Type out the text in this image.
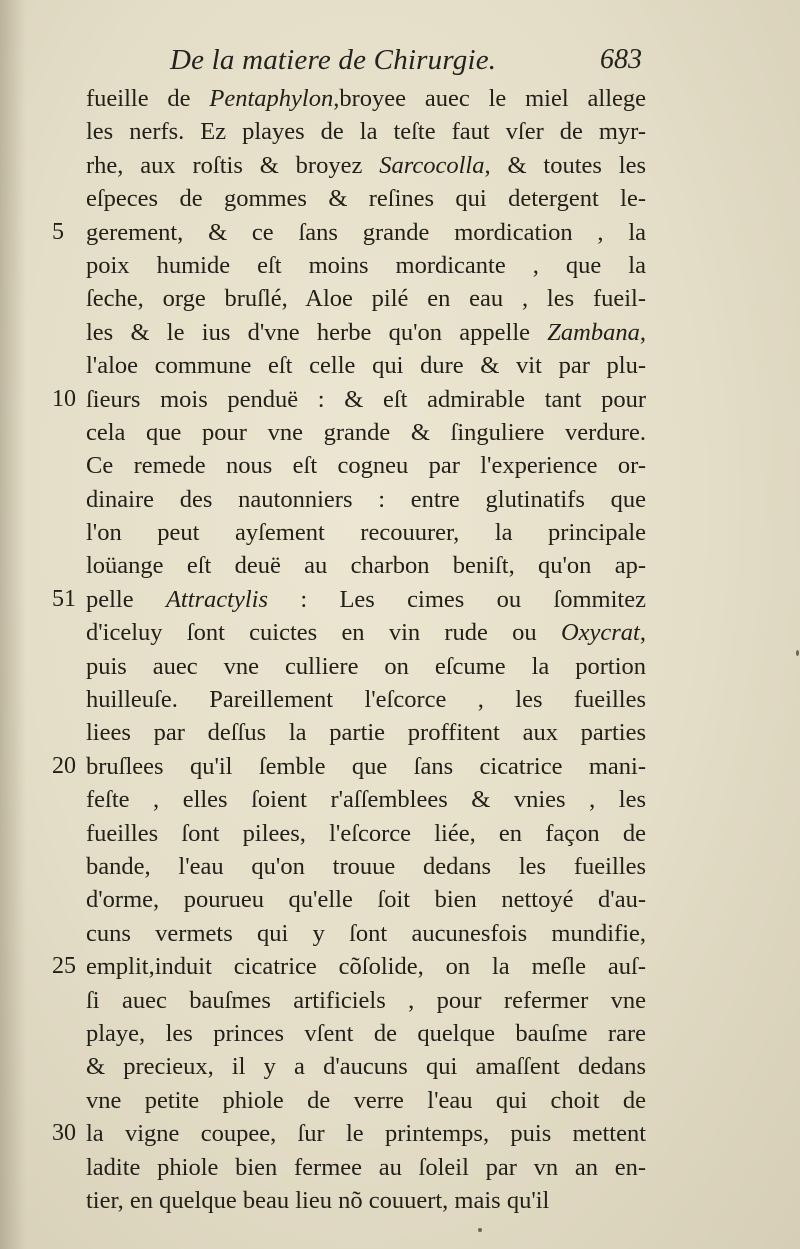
De la matiere de Chirurgie.	683
fueille de Pentaphylon,broyee auec le miel allege
les nerfs. Ez playes de la teſte faut vſer de myr-
rhe, aux roſtis & broyez Sarcocolla, & toutes les
eſpeces de gommes & reſines qui detergent le-
5 gerement, & ce ſans grande mordication , la
poix humide eſt moins mordicante , que la
ſeche, orge bruſlé, Aloe pilé en eau , les fueil-
les & le ius d'vne herbe qu'on appelle Zambana,
l'aloe commune eſt celle qui dure & vit par plu-
10 ſieurs mois penduë : & eſt admirable tant pour
cela que pour vne grande & ſinguliere verdure.
Ce remede nous eſt cogneu par l'experience or-
dinaire des nautonniers : entre glutinatifs que
l'on peut ayſement recouurer, la principale
loüange eſt deuë au charbon beniſt, qu'on ap-
51 pelle Attractylis : Les cimes ou ſommitez
d'iceluy ſont cuictes en vin rude ou Oxycrat,
puis auec vne culliere on eſcume la portion
huilleuſe. Pareillement l'eſcorce , les fueilles
liees par deſſus la partie proffitent aux parties
20 bruſlees qu'il ſemble que ſans cicatrice mani-
feſte , elles ſoient r'aſſemblees & vnies , les
fueilles ſont pilees, l'eſcorce liée, en façon de
bande, l'eau qu'on trouue dedans les fueilles
d'orme, pourueu qu'elle ſoit bien nettoyé d'au-
cuns vermets qui y ſont aucunesfois mundifie,
25 emplit,induit cicatrice cõſolide, on la meſle auſ-
ſi auec bauſmes artificiels , pour refermer vne
playe, les princes vſent de quelque bauſme rare
& precieux, il y a d'aucuns qui amaſſent dedans
vne petite phiole de verre l'eau qui choit de
30 la vigne coupee, ſur le printemps, puis mettent
ladite phiole bien fermee au ſoleil par vn an en-
tier, en quelque beau lieu nõ couuert, mais qu'il
